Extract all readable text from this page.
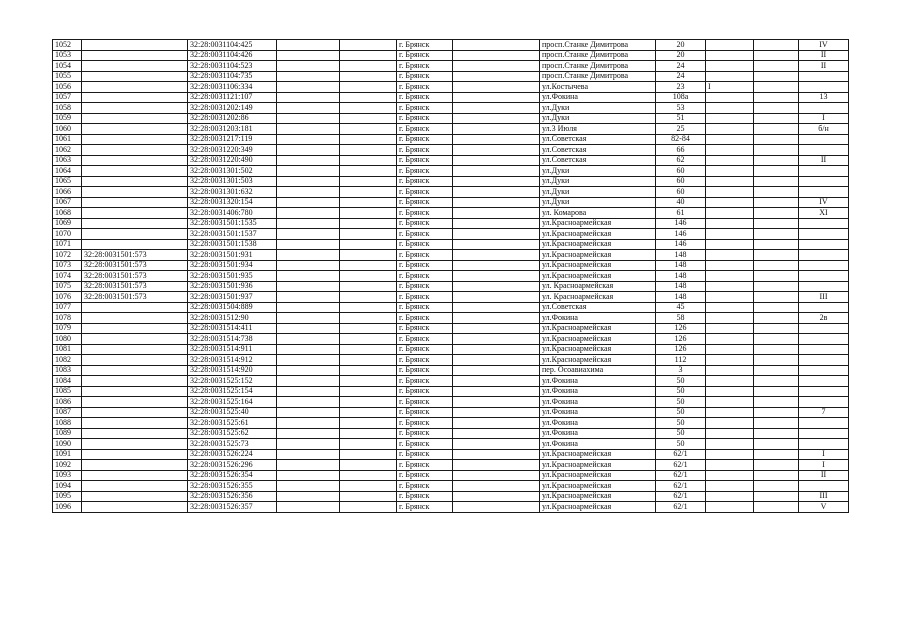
1052		32:28:0031104:425			г. Брянск		просп.Станке Димитрова	20			IV
1053		32:28:0031104:426			г. Брянск		просп.Станке Димитрова	20			II
1054		32:28:0031104:523			г. Брянск		просп.Станке Димитрова	24			II
1055		32:28:0031104:735			г. Брянск		просп.Станке Димитрова	24			
1056		32:28:0031106:334			г. Брянск		ул.Костычева	23	I		
1057		32:28:0031121:107			г. Брянск		ул.Фокина	108а			13
1058		32:28:0031202:149			г. Брянск		ул.Дуки	53			
1059		32:28:0031202:86			г. Брянск		ул.Дуки	51			I
1060		32:28:0031203:181			г. Брянск		ул.3 Июля	25			б/н
1061		32:28:0031217:119			г. Брянск		ул.Советская	82-84			
1062		32:28:0031220:349			г. Брянск		ул.Советская	66			
1063		32:28:0031220:490			г. Брянск		ул.Советская	62			II
1064		32:28:0031301:502			г. Брянск		ул.Дуки	60			
1065		32:28:0031301:503			г. Брянск		ул.Дуки	60			
1066		32:28:0031301:632			г. Брянск		ул.Дуки	60			
1067		32:28:0031320:154			г. Брянск		ул.Дуки	40			IV
1068		32:28:0031406:780			г. Брянск		ул. Комарова	61			XI
1069		32:28:0031501:1535			г. Брянск		ул.Красноармейская	146			
1070		32:28:0031501:1537			г. Брянск		ул.Красноармейская	146			
1071		32:28:0031501:1538			г. Брянск		ул.Красноармейская	146			
1072	32:28:0031501:573	32:28:0031501:931			г. Брянск		ул.Красноармейская	148			
1073	32:28:0031501:573	32:28:0031501:934			г. Брянск		ул.Красноармейская	148			
1074	32:28:0031501:573	32:28:0031501:935			г. Брянск		ул.Красноармейская	148			
1075	32:28:0031501:573	32:28:0031501:936			г. Брянск		ул. Красноармейская	148			
1076	32:28:0031501:573	32:28:0031501:937			г. Брянск		ул. Красноармейская	148			III
1077		32:28:0031504:889			г. Брянск		ул.Советская	45			
1078		32:28:0031512:90			г. Брянск		ул.Фокина	58			2в
1079		32:28:0031514:411			г. Брянск		ул.Красноармейская	126			
1080		32:28:0031514:738			г. Брянск		ул.Красноармейская	126			
1081		32:28:0031514:911			г. Брянск		ул.Красноармейская	126			
1082		32:28:0031514:912			г. Брянск		ул.Красноармейская	112			
1083		32:28:0031514:920			г. Брянск		пер. Осоавиахима	3			
1084		32:28:0031525:152			г. Брянск		ул.Фокина	50			
1085		32:28:0031525:154			г. Брянск		ул.Фокина	50			
1086		32:28:0031525:164			г. Брянск		ул.Фокина	50			
1087		32:28:0031525:40			г. Брянск		ул.Фокина	50			7
1088		32:28:0031525:61			г. Брянск		ул.Фокина	50			
1089		32:28:0031525:62			г. Брянск		ул.Фокина	50			
1090		32:28:0031525:73			г. Брянск		ул.Фокина	50			
1091		32:28:0031526:224			г. Брянск		ул.Красноармейская	62/1			I
1092		32:28:0031526:296			г. Брянск		ул.Красноармейская	62/1			I
1093		32:28:0031526:354			г. Брянск		ул.Красноармейская	62/1			II
1094		32:28:0031526:355			г. Брянск		ул.Красноармейская	62/1			
1095		32:28:0031526:356			г. Брянск		ул.Красноармейская	62/1			III
1096		32:28:0031526:357			г. Брянск		ул.Красноармейская	62/1			V
